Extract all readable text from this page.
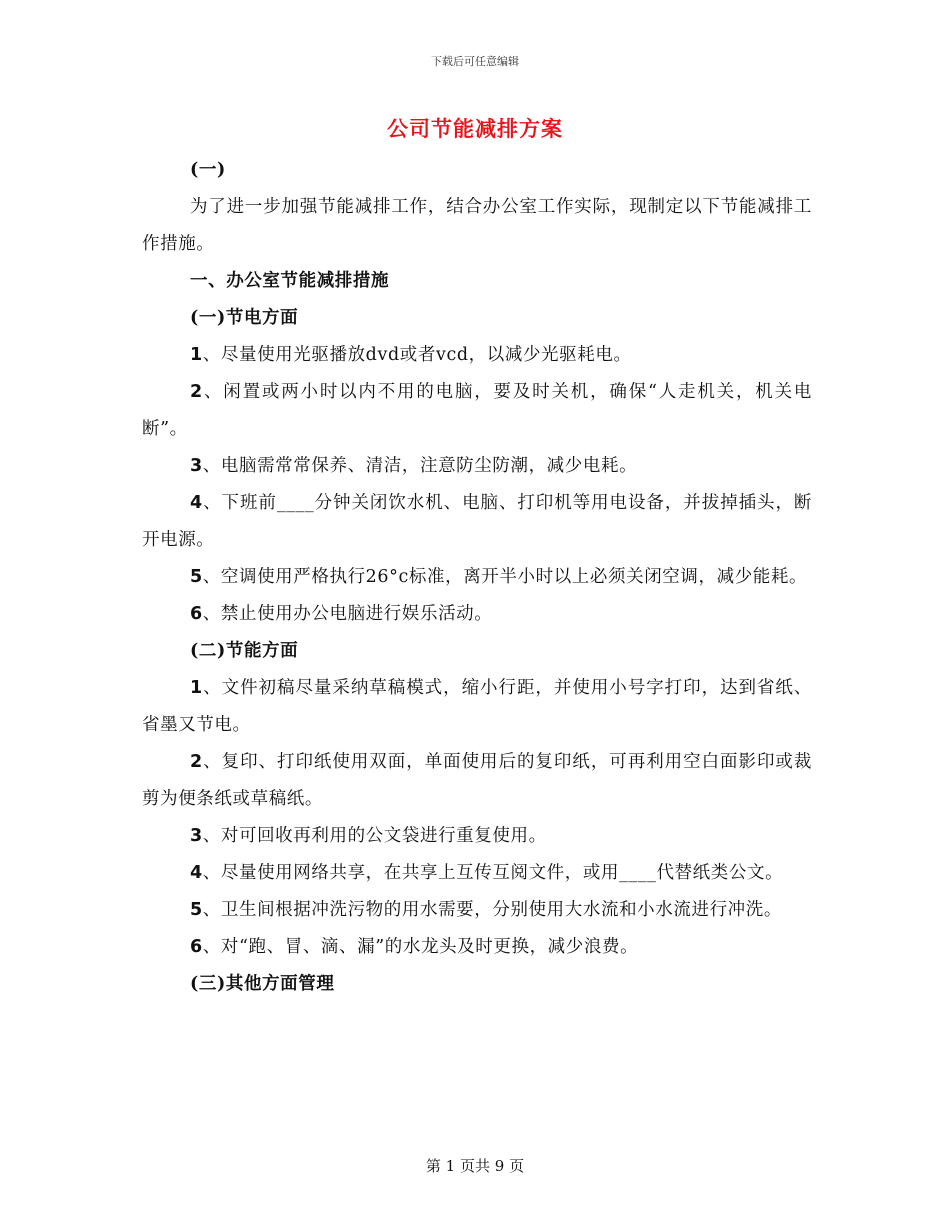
下载后可任意编辑
公司节能减排方案

(一)

为了进一步加强节能减排工作，结合办公室工作实际，现制定以下节能减排工作措施。

一、办公室节能减排措施

(一)节电方面

1、尽量使用光驱播放dvd或者vcd，以减少光驱耗电。

2、闲置或两小时以内不用的电脑，要及时关机，确保“人走机关，机关电断”。

3、电脑需常常保养、清洁，注意防尘防潮，减少电耗。

4、下班前____分钟关闭饮水机、电脑、打印机等用电设备，并拔掉插头，断开电源。

5、空调使用严格执行26°c标准，离开半小时以上必须关闭空调，减少能耗。

6、禁止使用办公电脑进行娱乐活动。

(二)节能方面

1、文件初稿尽量采纳草稿模式，缩小行距，并使用小号字打印，达到省纸、省墨又节电。

2、复印、打印纸使用双面，单面使用后的复印纸，可再利用空白面影印或裁剪为便条纸或草稿纸。

3、对可回收再利用的公文袋进行重复使用。

4、尽量使用网络共享，在共享上互传互阅文件，或用____代替纸类公文。

5、卫生间根据冲洗污物的用水需要，分别使用大水流和小水流进行冲洗。

6、对“跑、冒、滴、漏”的水龙头及时更换，减少浪费。

(三)其他方面管理

第 1 页共 9 页
